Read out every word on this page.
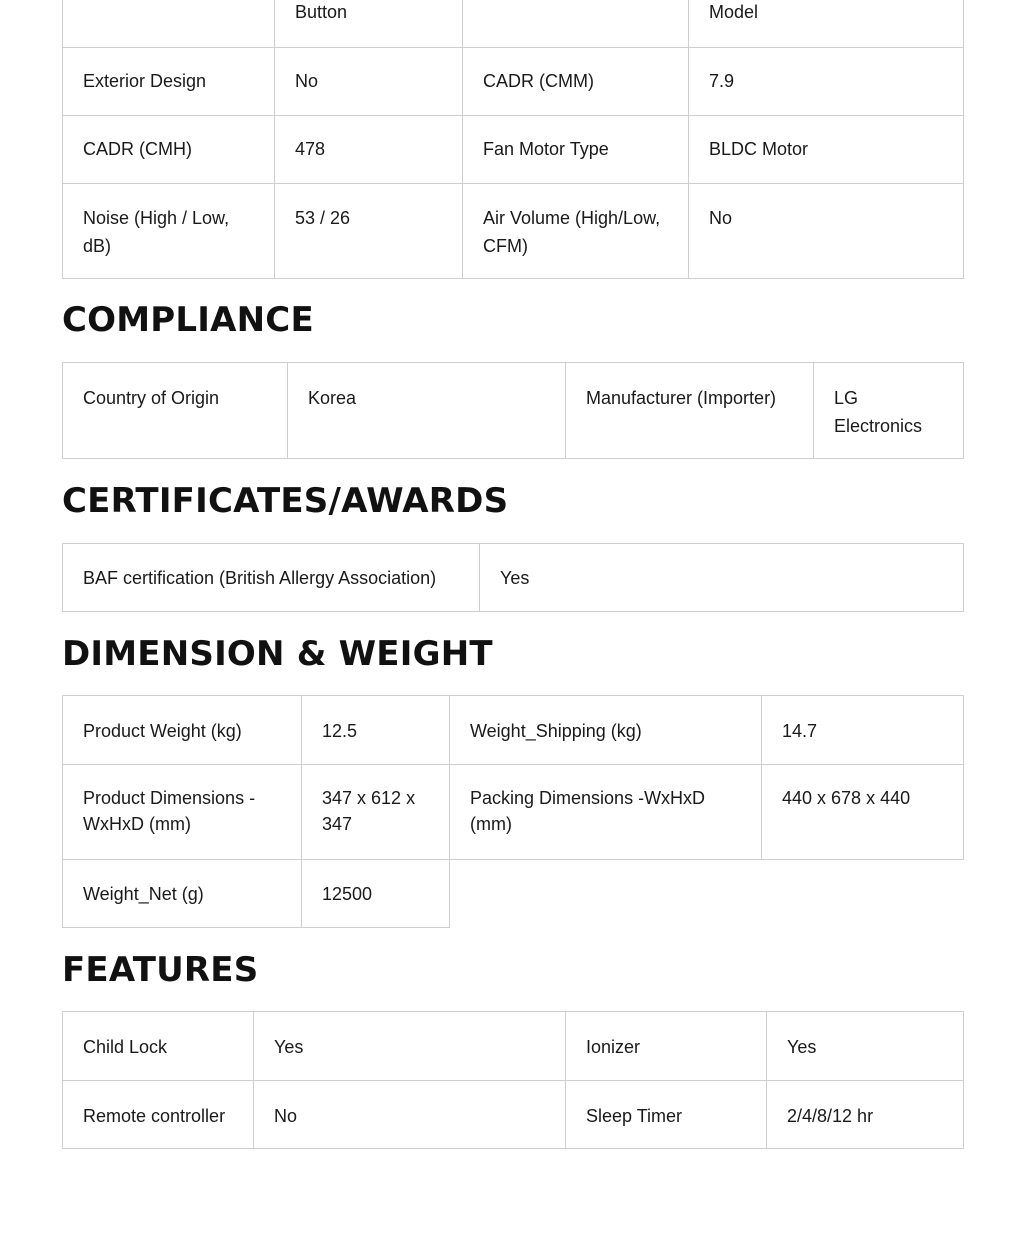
	Button		Model
Exterior Design	No	CADR (CMM)	7.9
CADR (CMH)	478	Fan Motor Type	BLDC Motor
Noise (High / Low, dB)	53 / 26	Air Volume (High/Low, CFM)	No
COMPLIANCE
Country of Origin	Korea	Manufacturer (Importer)	LG Electronics
CERTIFICATES/AWARDS
BAF certification (British Allergy Association)	Yes
DIMENSION & WEIGHT
Product Weight (kg)	12.5	Weight_Shipping (kg)	14.7
Product Dimensions - WxHxD (mm)	347 x 612 x 347	Packing Dimensions -WxHxD (mm)	440 x 678 x 440
Weight_Net (g)	12500		
FEATURES
Child Lock	Yes	Ionizer	Yes
Remote controller	No	Sleep Timer	2/4/8/12 hr
